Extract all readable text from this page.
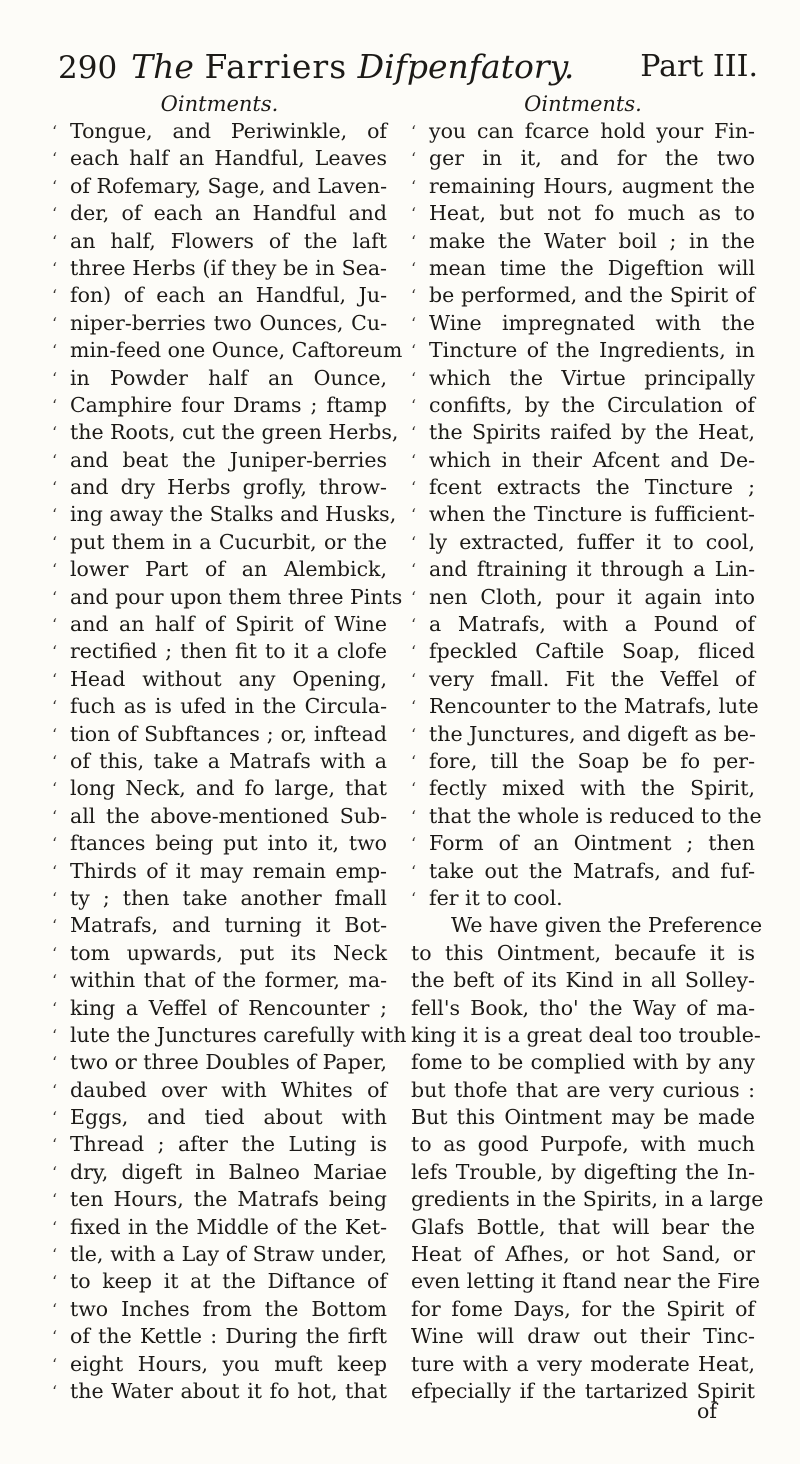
290 The Farriers Difpenfatory. Part III.
Ointments.
‘ Tongue, and Periwinkle, of
‘ each half an Handful, Leaves
‘ of Rofemary, Sage, and Laven-
‘ der, of each an Handful and
‘ an half, Flowers of the laft
‘ three Herbs (if they be in Sea-
‘ fon) of each an Handful, Ju-
‘ niper-berries two Ounces, Cu-
‘ min-feed one Ounce, Caftoreum
‘ in Powder half an Ounce,
‘ Camphire four Drams ; ftamp
‘ the Roots, cut the green Herbs,
‘ and beat the Juniper-berries
‘ and dry Herbs grofly, throw-
‘ ing away the Stalks and Husks,
‘ put them in a Cucurbit, or the
‘ lower Part of an Alembick,
‘ and pour upon them three Pints
‘ and an half of Spirit of Wine
‘ rectified ; then fit to it a clofe
‘ Head without any Opening,
‘ fuch as is ufed in the Circula-
‘ tion of Subftances ; or, inftead
‘ of this, take a Matrafs with a
‘ long Neck, and fo large, that
‘ all the above-mentioned Sub-
‘ ftances being put into it, two
‘ Thirds of it may remain emp-
‘ ty ; then take another fmall
‘ Matrafs, and turning it Bot-
‘ tom upwards, put its Neck
‘ within that of the former, ma-
‘ king a Veffel of Rencounter ;
‘ lute the Junctures carefully with
‘ two or three Doubles of Paper,
‘ daubed over with Whites of
‘ Eggs, and tied about with
‘ Thread ; after the Luting is
‘ dry, digeft in Balneo Mariae
‘ ten Hours, the Matrafs being
‘ fixed in the Middle of the Ket-
‘ tle, with a Lay of Straw under,
‘ to keep it at the Diftance of
‘ two Inches from the Bottom
‘ of the Kettle : During the firft
‘ eight Hours, you muft keep
‘ the Water about it fo hot, that
Ointments.
‘ you can fcarce hold your Fin-
‘ ger in it, and for the two
‘ remaining Hours, augment the
‘ Heat, but not fo much as to
‘ make the Water boil ; in the
‘ mean time the Digeftion will
‘ be performed, and the Spirit of
‘ Wine impregnated with the
‘ Tincture of the Ingredients, in
‘ which the Virtue principally
‘ confifts, by the Circulation of
‘ the Spirits raifed by the Heat,
‘ which in their Afcent and De-
‘ fcent extracts the Tincture ;
‘ when the Tincture is fufficient-
‘ ly extracted, fuffer it to cool,
‘ and ftraining it through a Lin-
‘ nen Cloth, pour it again into
‘ a Matrafs, with a Pound of
‘ fpeckled Caftile Soap, fliced
‘ very fmall. Fit the Veffel of
‘ Rencounter to the Matrafs, lute
‘ the Junctures, and digeft as be-
‘ fore, till the Soap be fo per-
‘ fectly mixed with the Spirit,
‘ that the whole is reduced to the
‘ Form of an Ointment ; then
‘ take out the Matrafs, and fuf-
‘ fer it to cool.
We have given the Preference
to this Ointment, becaufe it is
the beft of its Kind in all Solley-
fell's Book, tho' the Way of ma-
king it is a great deal too trouble-
fome to be complied with by any
but thofe that are very curious :
But this Ointment may be made
to as good Purpofe, with much
lefs Trouble, by digefting the In-
gredients in the Spirits, in a large
Glafs Bottle, that will bear the
Heat of Afhes, or hot Sand, or
even letting it ftand near the Fire
for fome Days, for the Spirit of
Wine will draw out their Tinc-
ture with a very moderate Heat,
efpecially if the tartarized Spirit
of
